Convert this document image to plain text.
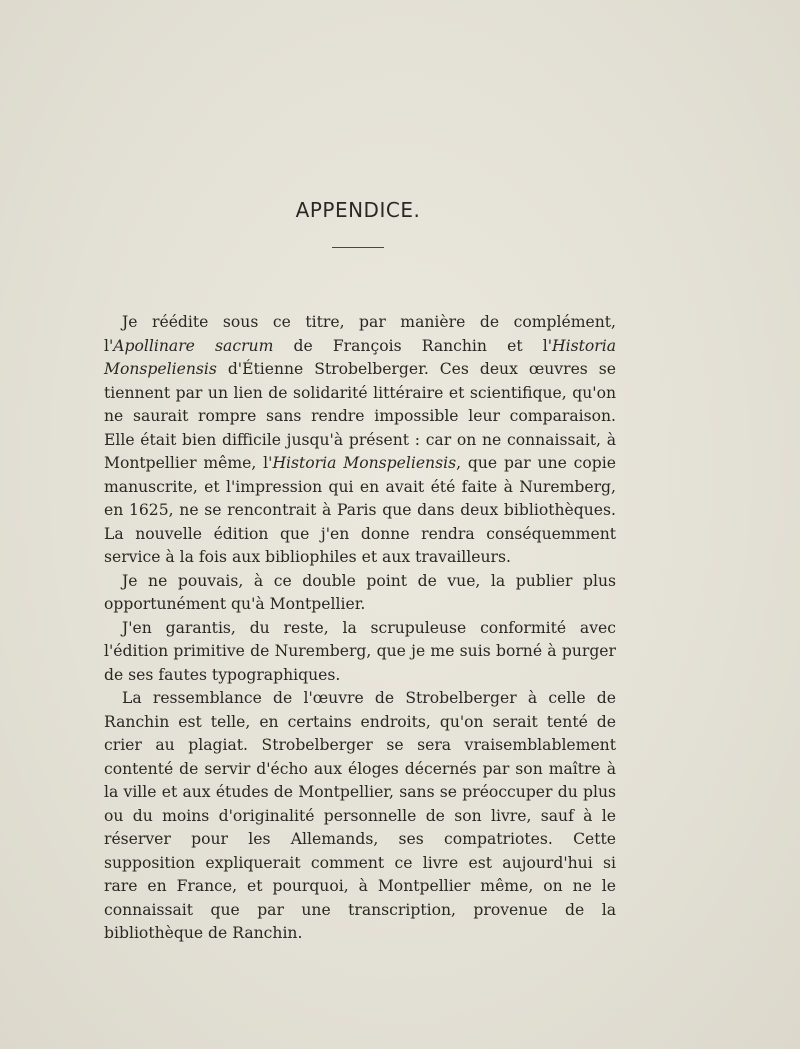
APPENDICE.

Je réédite sous ce titre, par manière de complément, l'Apollinare sacrum de François Ranchin et l'Historia Monspeliensis d'Étienne Strobelberger. Ces deux œuvres se tiennent par un lien de solidarité littéraire et scientifique, qu'on ne saurait rompre sans rendre impossible leur comparaison. Elle était bien difficile jusqu'à présent : car on ne connaissait, à Montpellier même, l'Historia Monspeliensis, que par une copie manuscrite, et l'impression qui en avait été faite à Nuremberg, en 1625, ne se rencontrait à Paris que dans deux bibliothèques. La nouvelle édition que j'en donne rendra conséquemment service à la fois aux bibliophiles et aux travailleurs.

Je ne pouvais, à ce double point de vue, la publier plus opportunément qu'à Montpellier.

J'en garantis, du reste, la scrupuleuse conformité avec l'édition primitive de Nuremberg, que je me suis borné à purger de ses fautes typographiques.

La ressemblance de l'œuvre de Strobelberger à celle de Ranchin est telle, en certains endroits, qu'on serait tenté de crier au plagiat. Strobelberger se sera vraisemblablement contenté de servir d'écho aux éloges décernés par son maître à la ville et aux études de Montpellier, sans se préoccuper du plus ou du moins d'originalité personnelle de son livre, sauf à le réserver pour les Allemands, ses compatriotes. Cette supposition expliquerait comment ce livre est aujourd'hui si rare en France, et pourquoi, à Montpellier même, on ne le connaissait que par une transcription, provenue de la bibliothèque de Ranchin.
